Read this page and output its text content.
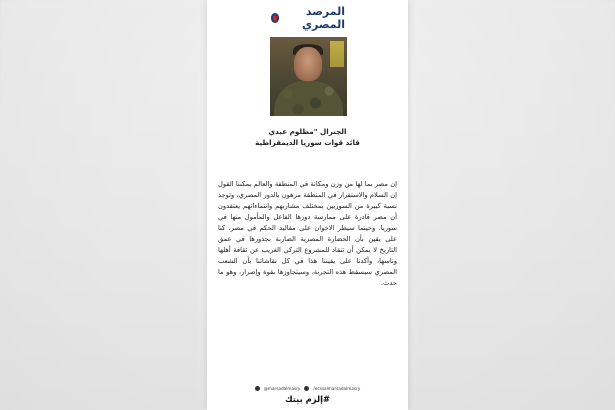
المرصد المصري
الجنرال "مظلوم عبدي
قائد قوات سوريا الديمقراطية
إن مصر بما لها من وزن ومكانة في المنطقة والعالم يمكننا القول إن السلام والاستقرار في المنطقة مرهون بالدور المصري، وتوجد نسبة كبيرة من السوريين بمختلف مشاربهم وانتماءاتهم يعتقدون أن مصر قادرة على ممارسة دورها الفاعل والمأمول منها في سوريا. وحينما سيطر الاخوان على مقاليد الحكم في مصر، كنا على يقين بأن الحضارة المصرية الضاربة بجذورها في عمق التاريخ لا يمكن أن تنقاد للمشروع التركي الغريب عن ثقافة أهلها وناسها، وأكدنا على يقيننا هذا في كل نقاشاتنا بأن الشعب المصري سيسقط هذه التجربة، وسيتجاوزها بقوة وإصرار، وهو ما حدث.
@marsadalmasry	/ecssalmarsadalmasry
#إلزم بيتك
